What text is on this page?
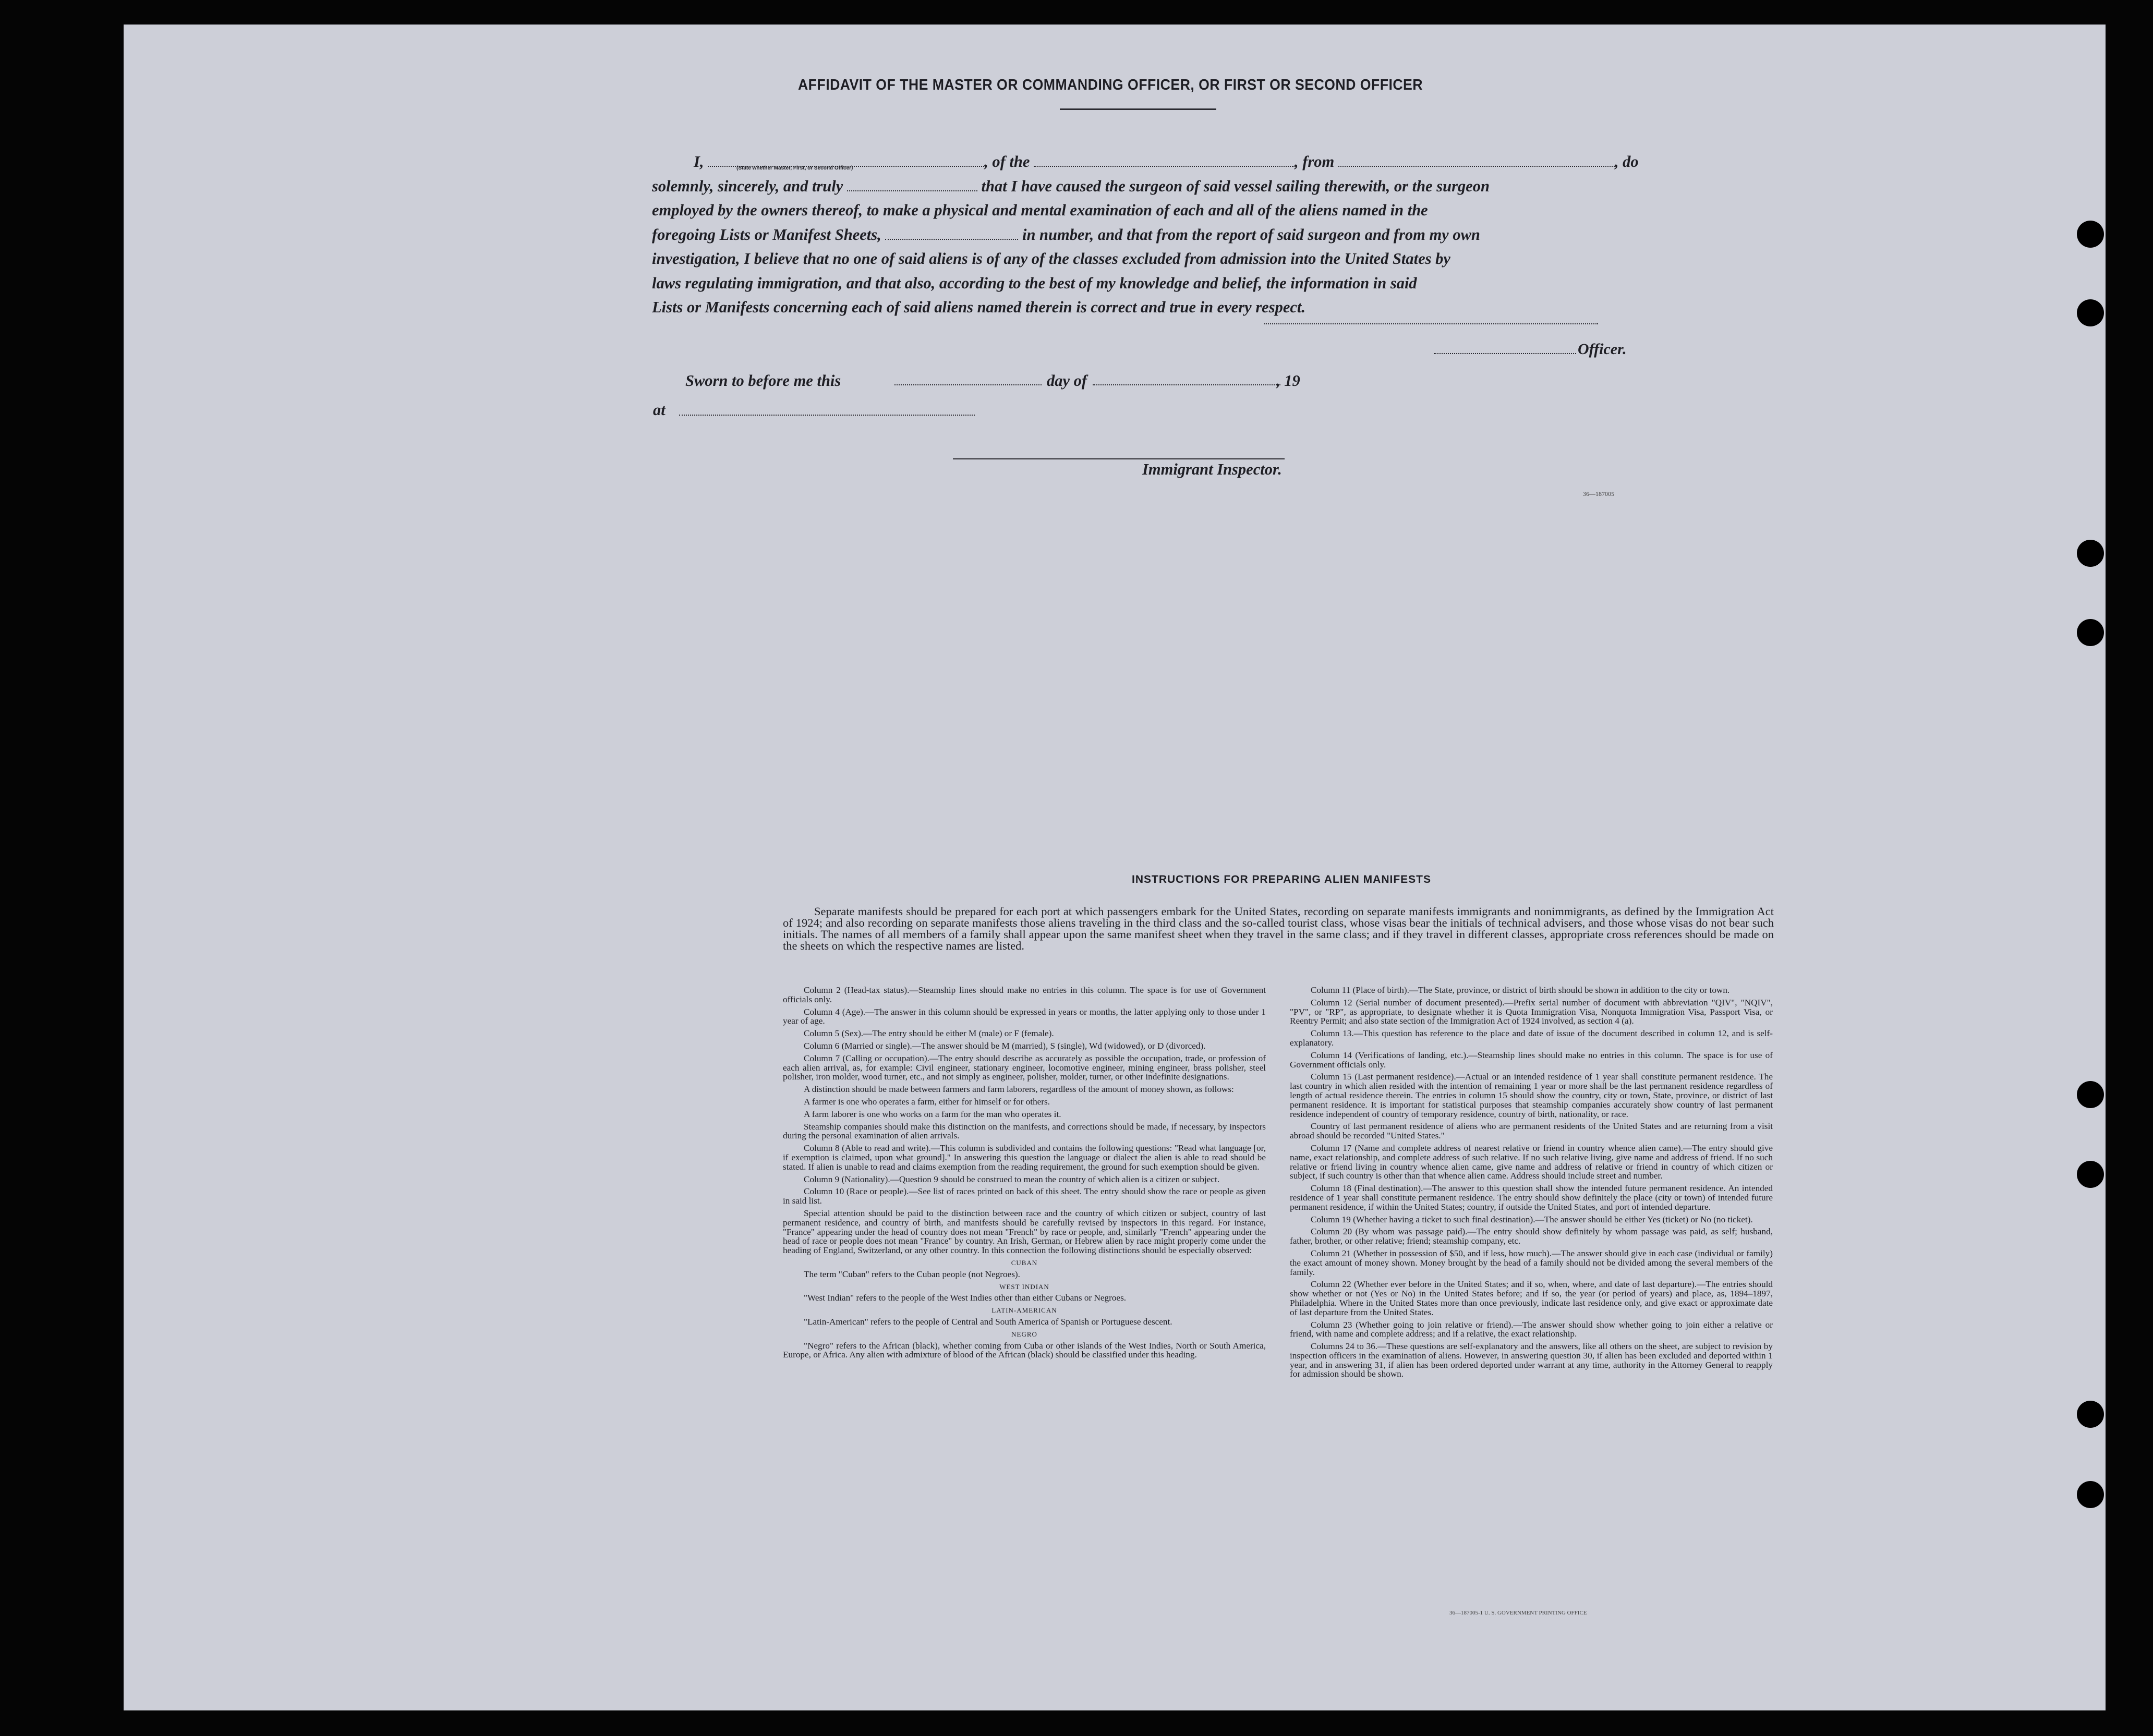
AFFIDAVIT OF THE MASTER OR COMMANDING OFFICER, OR FIRST OR SECOND OFFICER
I,	, of the	, from	, do
solemnly, sincerely, and truly	that I have caused the surgeon of said vessel sailing therewith, or the surgeon
employed by the owners thereof, to make a physical and mental examination of each and all of the aliens named in the
foregoing Lists or Manifest Sheets,	in number, and that from the report of said surgeon and from my own
investigation, I believe that no one of said aliens is of any of the classes excluded from admission into the United States by
laws regulating immigration, and that also, according to the best of my knowledge and belief, the information in said
Lists or Manifests concerning each of said aliens named therein is correct and true in every respect.
(State whether Master, First, or Second Officer)
Officer.
Sworn to before me this	day of	, 19
at
Immigrant Inspector.
36—187005
INSTRUCTIONS FOR PREPARING ALIEN MANIFESTS

Separate manifests should be prepared for each port at which passengers embark for the United States, recording on separate manifests immigrants and nonimmigrants, as defined by the Immigration Act of 1924; and also recording on separate manifests those aliens traveling in the third class and the so-called tourist class, whose visas bear the initials of technical advisers, and those whose visas do not bear such initials. The names of all members of a family shall appear upon the same manifest sheet when they travel in the same class; and if they travel in different classes, appropriate cross references should be made on the sheets on which the respective names are listed.

Column 2 (Head-tax status).—Steamship lines should make no entries in this column. The space is for use of Government officials only.

Column 4 (Age).—The answer in this column should be expressed in years or months, the latter applying only to those under 1 year of age.

Column 5 (Sex).—The entry should be either M (male) or F (female).

Column 6 (Married or single).—The answer should be M (married), S (single), Wd (widowed), or D (divorced).

Column 7 (Calling or occupation).—The entry should describe as accurately as possible the occupation, trade, or profession of each alien arrival, as, for example: Civil engineer, stationary engineer, locomotive engineer, mining engineer, brass polisher, steel polisher, iron molder, wood turner, etc., and not simply as engineer, polisher, molder, turner, or other indefinite designations.

A distinction should be made between farmers and farm laborers, regardless of the amount of money shown, as follows:

A farmer is one who operates a farm, either for himself or for others.

A farm laborer is one who works on a farm for the man who operates it.

Steamship companies should make this distinction on the manifests, and corrections should be made, if necessary, by inspectors during the personal examination of alien arrivals.

Column 8 (Able to read and write).—This column is subdivided and contains the following questions: "Read what language [or, if exemption is claimed, upon what ground]." In answering this question the language or dialect the alien is able to read should be stated. If alien is unable to read and claims exemption from the reading requirement, the ground for such exemption should be given.

Column 9 (Nationality).—Question 9 should be construed to mean the country of which alien is a citizen or subject.

Column 10 (Race or people).—See list of races printed on back of this sheet. The entry should show the race or people as given in said list.

Special attention should be paid to the distinction between race and the country of which citizen or subject, country of last permanent residence, and country of birth, and manifests should be carefully revised by inspectors in this regard. For instance, "France" appearing under the head of country does not mean "French" by race or people, and, similarly "French" appearing under the head of race or people does not mean "France" by country. An Irish, German, or Hebrew alien by race might properly come under the heading of England, Switzerland, or any other country. In this connection the following distinctions should be especially observed:

CUBAN

The term "Cuban" refers to the Cuban people (not Negroes).

WEST INDIAN

"West Indian" refers to the people of the West Indies other than either Cubans or Negroes.

LATIN-AMERICAN

"Latin-American" refers to the people of Central and South America of Spanish or Portuguese descent.

NEGRO

"Negro" refers to the African (black), whether coming from Cuba or other islands of the West Indies, North or South America, Europe, or Africa. Any alien with admixture of blood of the African (black) should be classified under this heading.

Column 11 (Place of birth).—The State, province, or district of birth should be shown in addition to the city or town.

Column 12 (Serial number of document presented).—Prefix serial number of document with abbreviation "QIV", "NQIV", "PV", or "RP", as appropriate, to designate whether it is Quota Immigration Visa, Nonquota Immigration Visa, Passport Visa, or Reentry Permit; and also state section of the Immigration Act of 1924 involved, as section 4 (a).

Column 13.—This question has reference to the place and date of issue of the document described in column 12, and is self-explanatory.

Column 14 (Verifications of landing, etc.).—Steamship lines should make no entries in this column. The space is for use of Government officials only.

Column 15 (Last permanent residence).—Actual or an intended residence of 1 year shall constitute permanent residence. The last country in which alien resided with the intention of remaining 1 year or more shall be the last permanent residence regardless of length of actual residence therein. The entries in column 15 should show the country, city or town, State, province, or district of last permanent residence. It is important for statistical purposes that steamship companies accurately show country of last permanent residence independent of country of temporary residence, country of birth, nationality, or race.

Country of last permanent residence of aliens who are permanent residents of the United States and are returning from a visit abroad should be recorded "United States."

Column 17 (Name and complete address of nearest relative or friend in country whence alien came).—The entry should give name, exact relationship, and complete address of such relative. If no such relative living, give name and address of friend. If no such relative or friend living in country whence alien came, give name and address of relative or friend in country of which citizen or subject, if such country is other than that whence alien came. Address should include street and number.

Column 18 (Final destination).—The answer to this question shall show the intended future permanent residence. An intended residence of 1 year shall constitute permanent residence. The entry should show definitely the place (city or town) of intended future permanent residence, if within the United States; country, if outside the United States, and port of intended departure.

Column 19 (Whether having a ticket to such final destination).—The answer should be either Yes (ticket) or No (no ticket).

Column 20 (By whom was passage paid).—The entry should show definitely by whom passage was paid, as self; husband, father, brother, or other relative; friend; steamship company, etc.

Column 21 (Whether in possession of $50, and if less, how much).—The answer should give in each case (individual or family) the exact amount of money shown. Money brought by the head of a family should not be divided among the several members of the family.

Column 22 (Whether ever before in the United States; and if so, when, where, and date of last departure).—The entries should show whether or not (Yes or No) in the United States before; and if so, the year (or period of years) and place, as, 1894–1897, Philadelphia. Where in the United States more than once previously, indicate last residence only, and give exact or approximate date of last departure from the United States.

Column 23 (Whether going to join relative or friend).—The answer should show whether going to join either a relative or friend, with name and complete address; and if a relative, the exact relationship.

Columns 24 to 36.—These questions are self-explanatory and the answers, like all others on the sheet, are subject to revision by inspection officers in the examination of aliens. However, in answering question 30, if alien has been excluded and deported within 1 year, and in answering 31, if alien has been ordered deported under warrant at any time, authority in the Attorney General to reapply for admission should be shown.

36—187005-1 U. S. GOVERNMENT PRINTING OFFICE
